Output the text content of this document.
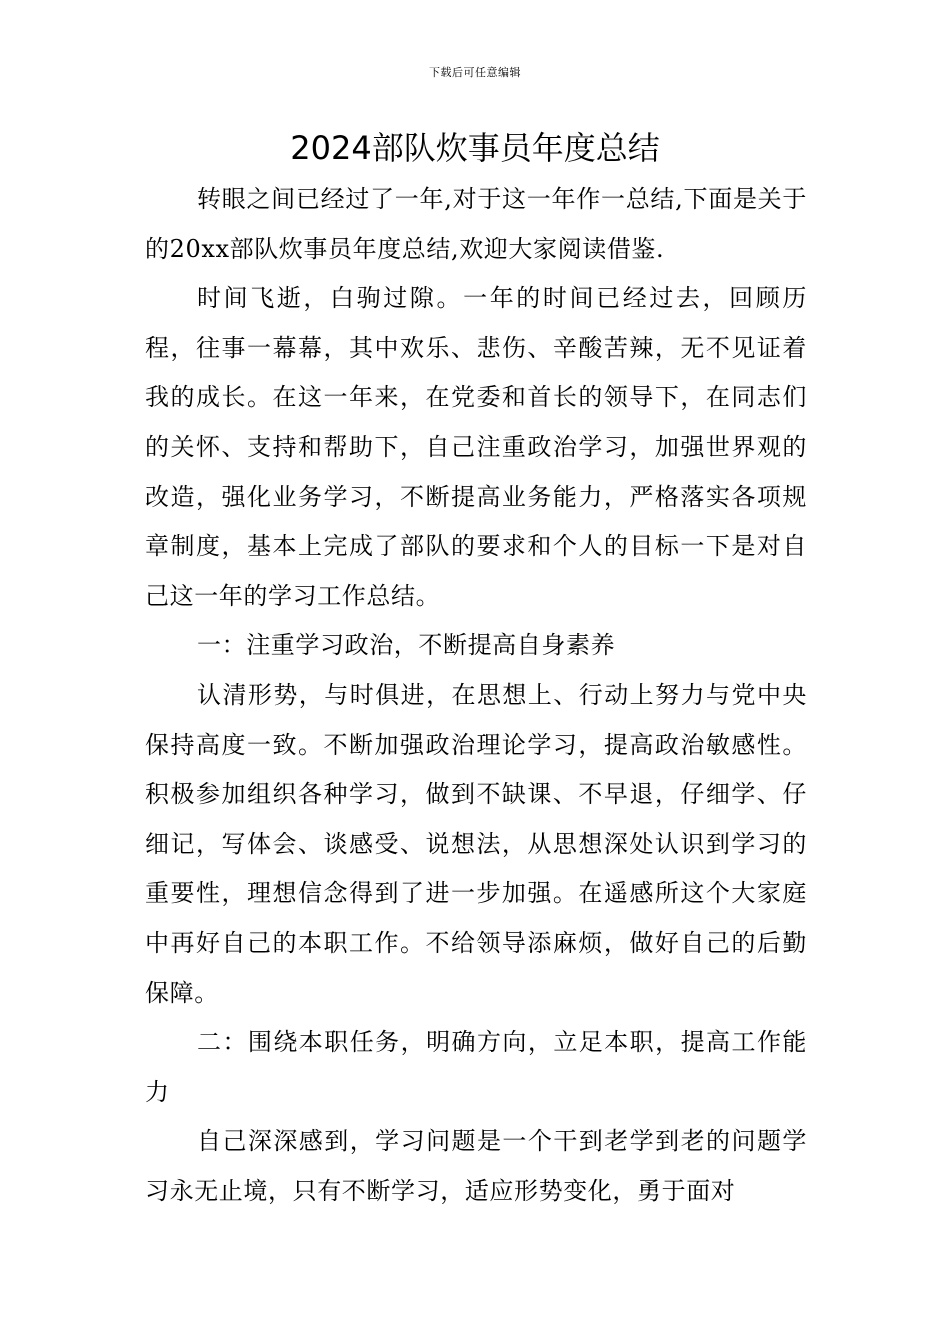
下载后可任意编辑
2024部队炊事员年度总结

转眼之间已经过了一年,对于这一年作一总结,下面是关于的20xx部队炊事员年度总结,欢迎大家阅读借鉴.

时间飞逝，白驹过隙。一年的时间已经过去，回顾历程，往事一幕幕，其中欢乐、悲伤、辛酸苦辣，无不见证着我的成长。在这一年来，在党委和首长的领导下，在同志们的关怀、支持和帮助下，自己注重政治学习，加强世界观的改造，强化业务学习，不断提高业务能力，严格落实各项规章制度，基本上完成了部队的要求和个人的目标一下是对自己这一年的学习工作总结。

一：注重学习政治，不断提高自身素养

认清形势，与时俱进，在思想上、行动上努力与党中央保持高度一致。不断加强政治理论学习，提高政治敏感性。积极参加组织各种学习，做到不缺课、不早退，仔细学、仔细记，写体会、谈感受、说想法，从思想深处认识到学习的重要性，理想信念得到了进一步加强。在遥感所这个大家庭中再好自己的本职工作。不给领导添麻烦，做好自己的后勤保障。

二：围绕本职任务，明确方向，立足本职，提高工作能力

自己深深感到，学习问题是一个干到老学到老的问题学习永无止境，只有不断学习，适应形势变化，勇于面对
